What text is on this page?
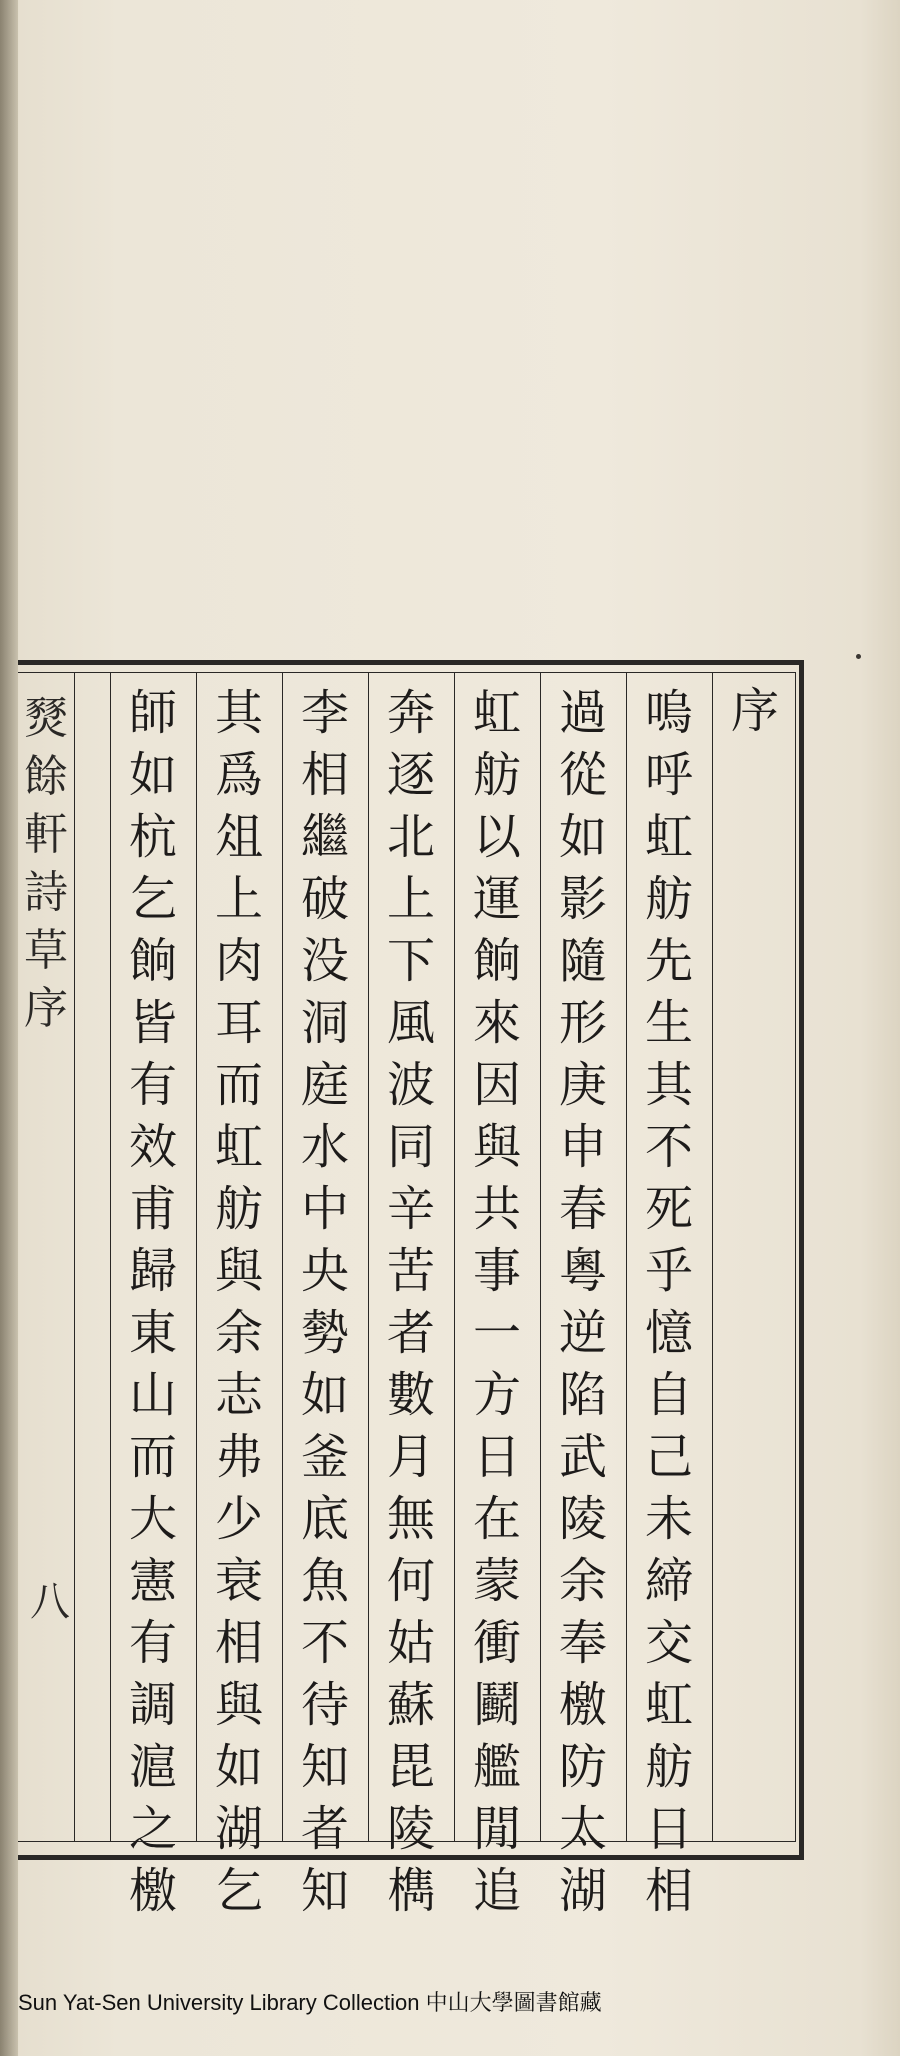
燹
餘
軒
詩
草
序
八
序
嗚
呼
虹
舫
先
生
其
不
死
乎
憶
自
己
未
締
交
虹
舫
日
相
過
從
如
影
隨
形
庚
申
春
粵
逆
陷
武
陵
余
奉
檄
防
太
湖
虹
舫
以
運
餉
來
因
與
共
事
一
方
日
在
蒙
衝
鬬
艦
閒
追
奔
逐
北
上
下
風
波
同
辛
苦
者
數
月
無
何
姑
蘇
毘
陵
檇
李
相
繼
破
没
洞
庭
水
中
央
勢
如
釜
底
魚
不
待
知
者
知
其
爲
俎
上
肉
耳
而
虹
舫
與
余
志
弗
少
衰
相
與
如
湖
乞
師
如
杭
乞
餉
皆
有
效
甫
歸
東
山
而
大
憲
有
調
滬
之
檄
Sun Yat-Sen University Library Collection 中山大學圖書館藏
